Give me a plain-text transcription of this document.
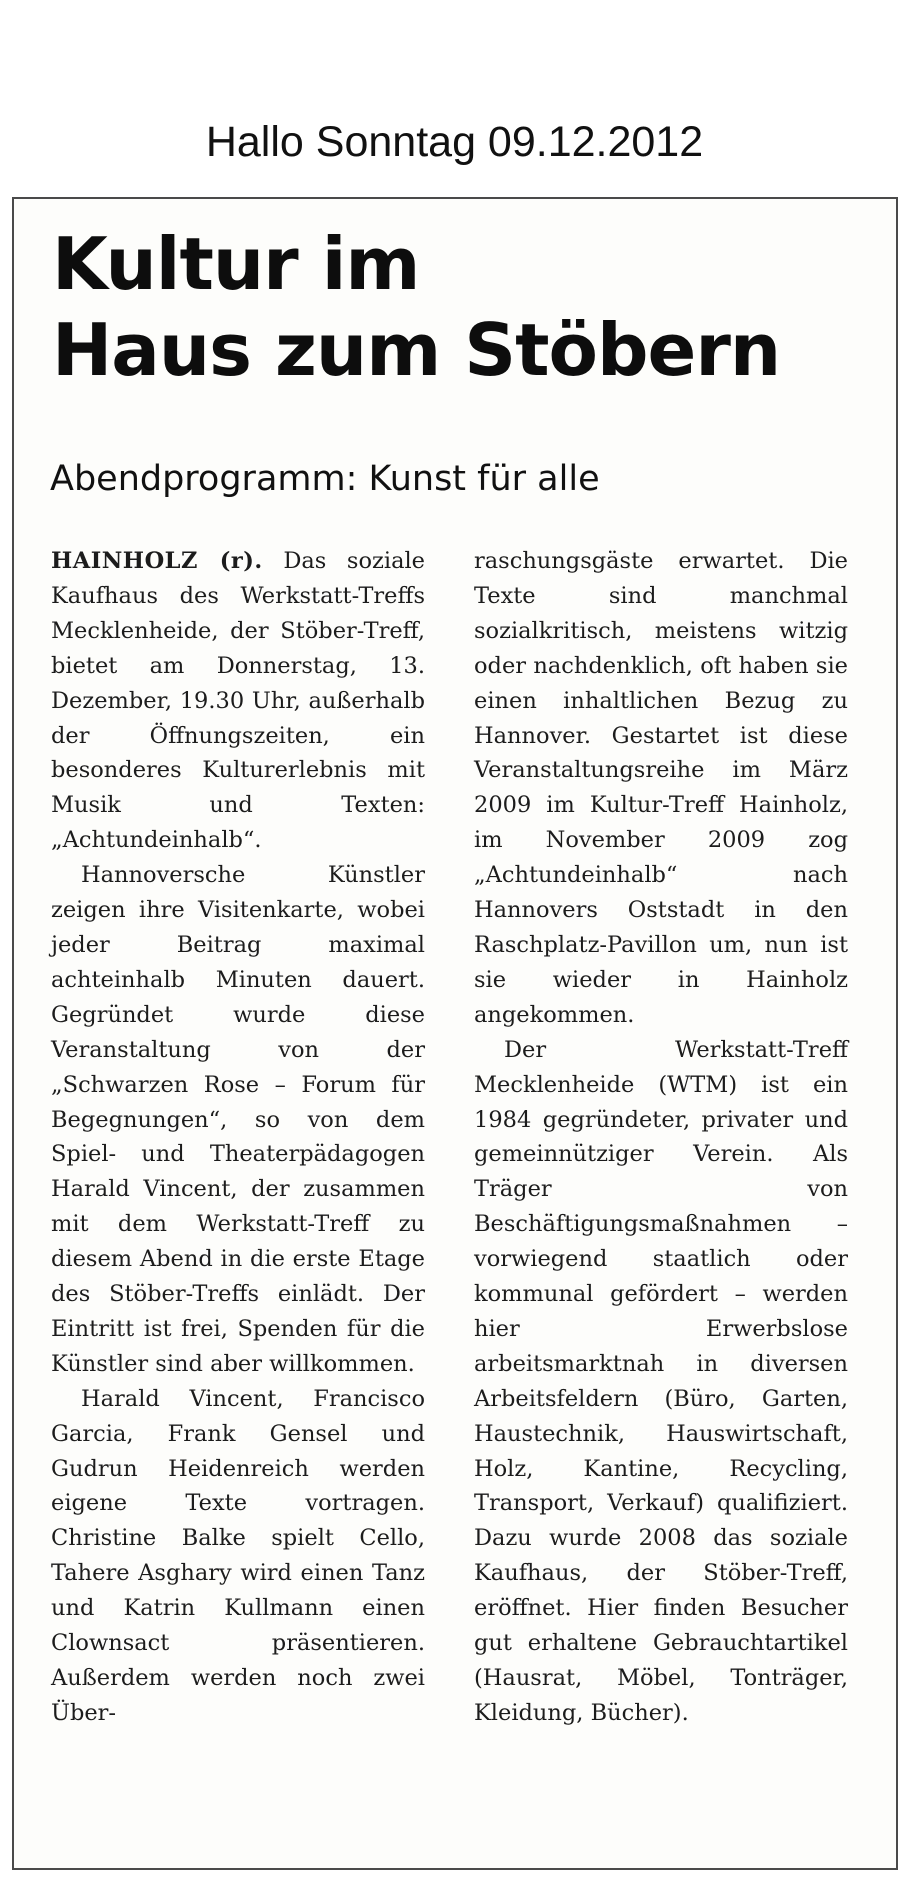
Hallo Sonntag 09.12.2012
Kultur im
Haus zum Stöbern
Abendprogramm: Kunst für alle

HAINHOLZ (r). Das soziale Kaufhaus des Werkstatt-Treffs Mecklenheide, der Stöber-Treff, bietet am Donnerstag, 13. Dezember, 19.30 Uhr, außerhalb der Öffnungszeiten, ein besonderes Kulturerlebnis mit Musik und Texten: „Achtundeinhalb“.

Hannoversche Künstler zeigen ihre Visitenkarte, wobei jeder Beitrag maximal achteinhalb Minuten dauert. Gegründet wurde diese Veranstaltung von der „Schwarzen Rose – Forum für Begegnungen“, so von dem Spiel- und Theaterpädagogen Harald Vincent, der zusammen mit dem Werkstatt-Treff zu diesem Abend in die erste Etage des Stöber-Treffs einlädt. Der Eintritt ist frei, Spenden für die Künstler sind aber willkommen.

Harald Vincent, Francisco Garcia, Frank Gensel und Gudrun Heidenreich werden eigene Texte vortragen. Christine Balke spielt Cello, Tahere Asghary wird einen Tanz und Katrin Kullmann einen Clownsact präsentieren. Außerdem werden noch zwei Über-

raschungsgäste erwartet. Die Texte sind manchmal sozialkritisch, meistens witzig oder nachdenklich, oft haben sie einen inhaltlichen Bezug zu Hannover. Gestartet ist diese Veranstaltungsreihe im März 2009 im Kultur-Treff Hainholz, im November 2009 zog „Achtundeinhalb“ nach Hannovers Oststadt in den Raschplatz-Pavillon um, nun ist sie wieder in Hainholz angekommen.

Der Werkstatt-Treff Mecklenheide (WTM) ist ein 1984 gegründeter, privater und gemeinnütziger Verein. Als Träger von Beschäftigungsmaßnahmen – vorwiegend staatlich oder kommunal gefördert – werden hier Erwerbslose arbeitsmarktnah in diversen Arbeitsfeldern (Büro, Garten, Haustechnik, Hauswirtschaft, Holz, Kantine, Recycling, Transport, Verkauf) qualifiziert. Dazu wurde 2008 das soziale Kaufhaus, der Stöber-Treff, eröffnet. Hier finden Besucher gut erhaltene Gebrauchtartikel (Hausrat, Möbel, Tonträger, Kleidung, Bücher).
